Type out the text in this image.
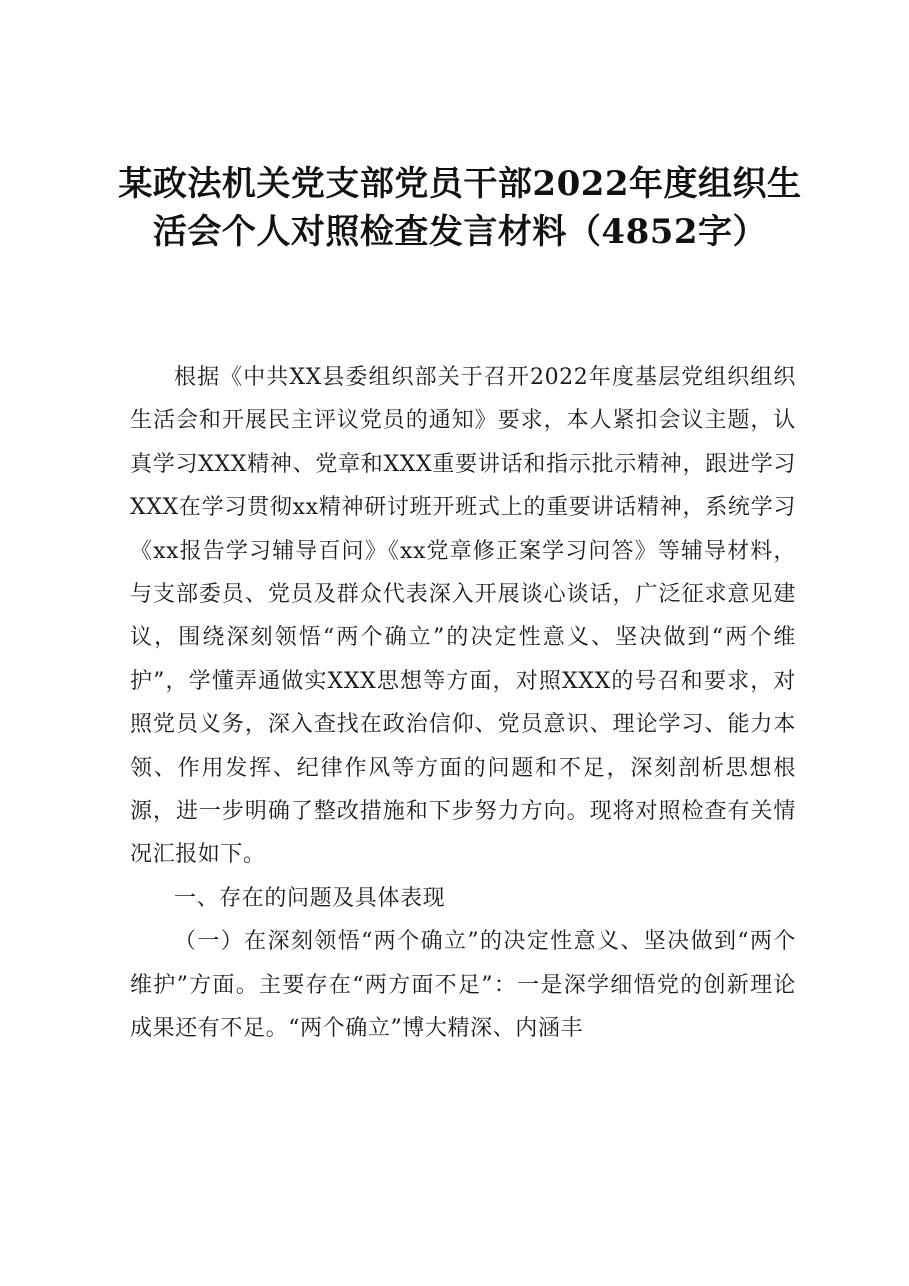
某政法机关党支部党员干部2022年度组织生活会个人对照检查发言材料（4852字）

根据《中共XX县委组织部关于召开2022年度基层党组织组织生活会和开展民主评议党员的通知》要求，本人紧扣会议主题，认真学习XXX精神、党章和XXX重要讲话和指示批示精神，跟进学习XXX在学习贯彻xx精神研讨班开班式上的重要讲话精神，系统学习《xx报告学习辅导百问》《xx党章修正案学习问答》等辅导材料，与支部委员、党员及群众代表深入开展谈心谈话，广泛征求意见建议，围绕深刻领悟“两个确立”的决定性意义、坚决做到“两个维护”，学懂弄通做实XXX思想等方面，对照XXX的号召和要求，对照党员义务，深入查找在政治信仰、党员意识、理论学习、能力本领、作用发挥、纪律作风等方面的问题和不足，深刻剖析思想根源，进一步明确了整改措施和下步努力方向。现将对照检查有关情况汇报如下。

一、存在的问题及具体表现

（一）在深刻领悟“两个确立”的决定性意义、坚决做到“两个维护”方面。主要存在“两方面不足”：一是深学细悟党的创新理论成果还有不足。“两个确立”博大精深、内涵丰
